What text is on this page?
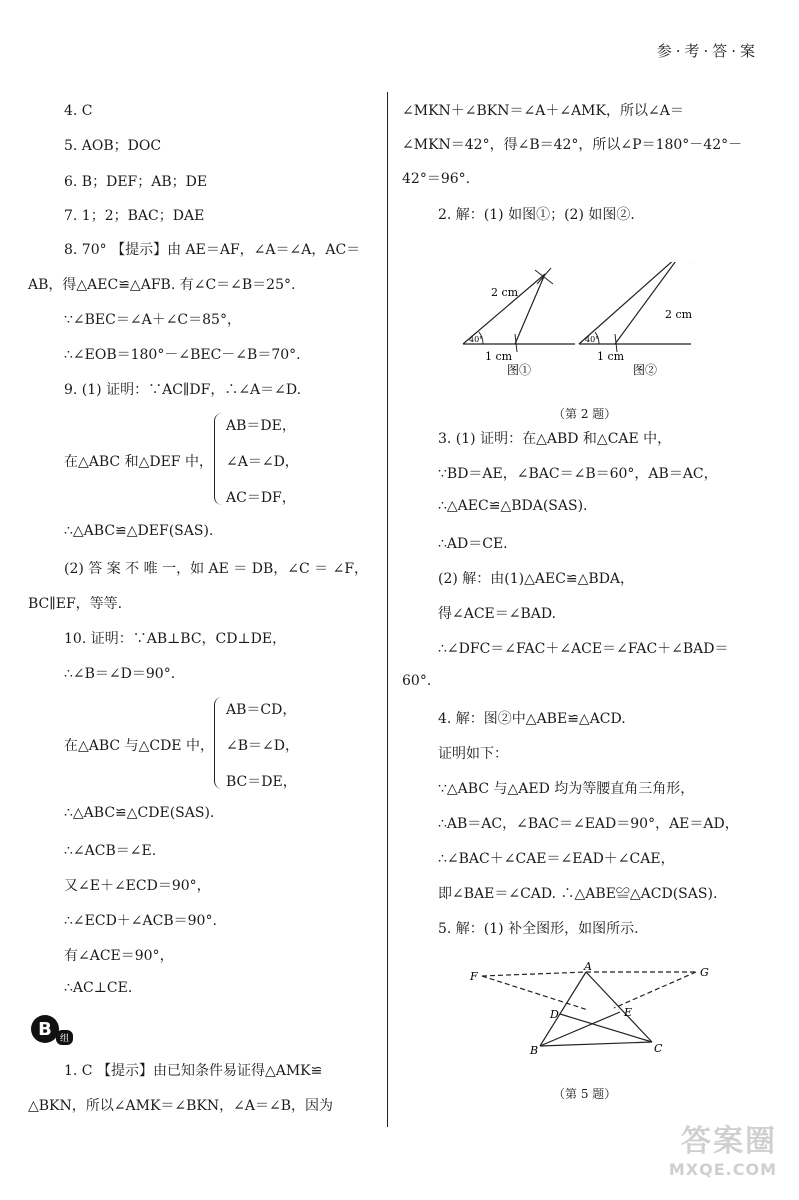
参·考·答·案
4. C
5. AOB；DOC
6. B；DEF；AB；DE
7. 1；2；BAC；DAE
8. 70° 【提示】由 AE＝AF，∠A＝∠A，AC＝
AB，得△AEC≌△AFB. 有∠C＝∠B＝25°.
∵∠BEC＝∠A＋∠C＝85°，
∴∠EOB＝180°－∠BEC－∠B＝70°.
9. (1) 证明：∵AC∥DF，∴∠A＝∠D.
在△ABC 和△DEF 中，
AB＝DE，
∠A＝∠D，
AC＝DF，
∴△ABC≌△DEF(SAS).
(2) 答 案 不 唯 一，如 AE ＝ DB，∠C ＝ ∠F，
BC∥EF，等等.
10. 证明：∵AB⊥BC，CD⊥DE，
∴∠B＝∠D＝90°.
在△ABC 与△CDE 中，
AB＝CD，
∠B＝∠D，
BC＝DE，
∴△ABC≌△CDE(SAS).
∴∠ACB＝∠E.
又∠E＋∠ECD＝90°，
∴∠ECD＋∠ACB＝90°.
有∠ACE＝90°，
∴AC⊥CE.
1. C 【提示】由已知条件易证得△AMK≌
△BKN，所以∠AMK＝∠BKN，∠A＝∠B，因为
B 组
∠MKN＋∠BKN＝∠A＋∠AMK，所以∠A＝
∠MKN＝42°，得∠B＝42°，所以∠P＝180°－42°－
42°＝96°.
2. 解：(1) 如图①；(2) 如图②.
40°
2 cm
1 cm
图①
40°
2 cm
1 cm
图②
（第 2 题）
3. (1) 证明：在△ABD 和△CAE 中，
∵BD＝AE，∠BAC＝∠B＝60°，AB＝AC，
∴△AEC≌△BDA(SAS).
∴AD＝CE.
(2) 解：由(1)△AEC≌△BDA，
得∠ACE＝∠BAD.
∴∠DFC＝∠FAC＋∠ACE＝∠FAC＋∠BAD＝
60°.
4. 解：图②中△ABE≌△ACD.
证明如下：
∵△ABC 与△AED 均为等腰直角三角形，
∴AB＝AC，∠BAC＝∠EAD＝90°，AE＝AD，
∴∠BAC＋∠CAE＝∠EAD＋∠CAE，
即∠BAE＝∠CAD. ∴△ABE≌△ACD(SAS).
5. 解：(1) 补全图形，如图所示.
F
A	G
D	E
B	C
（第 5 题）
答案圈
MXQE.COM
